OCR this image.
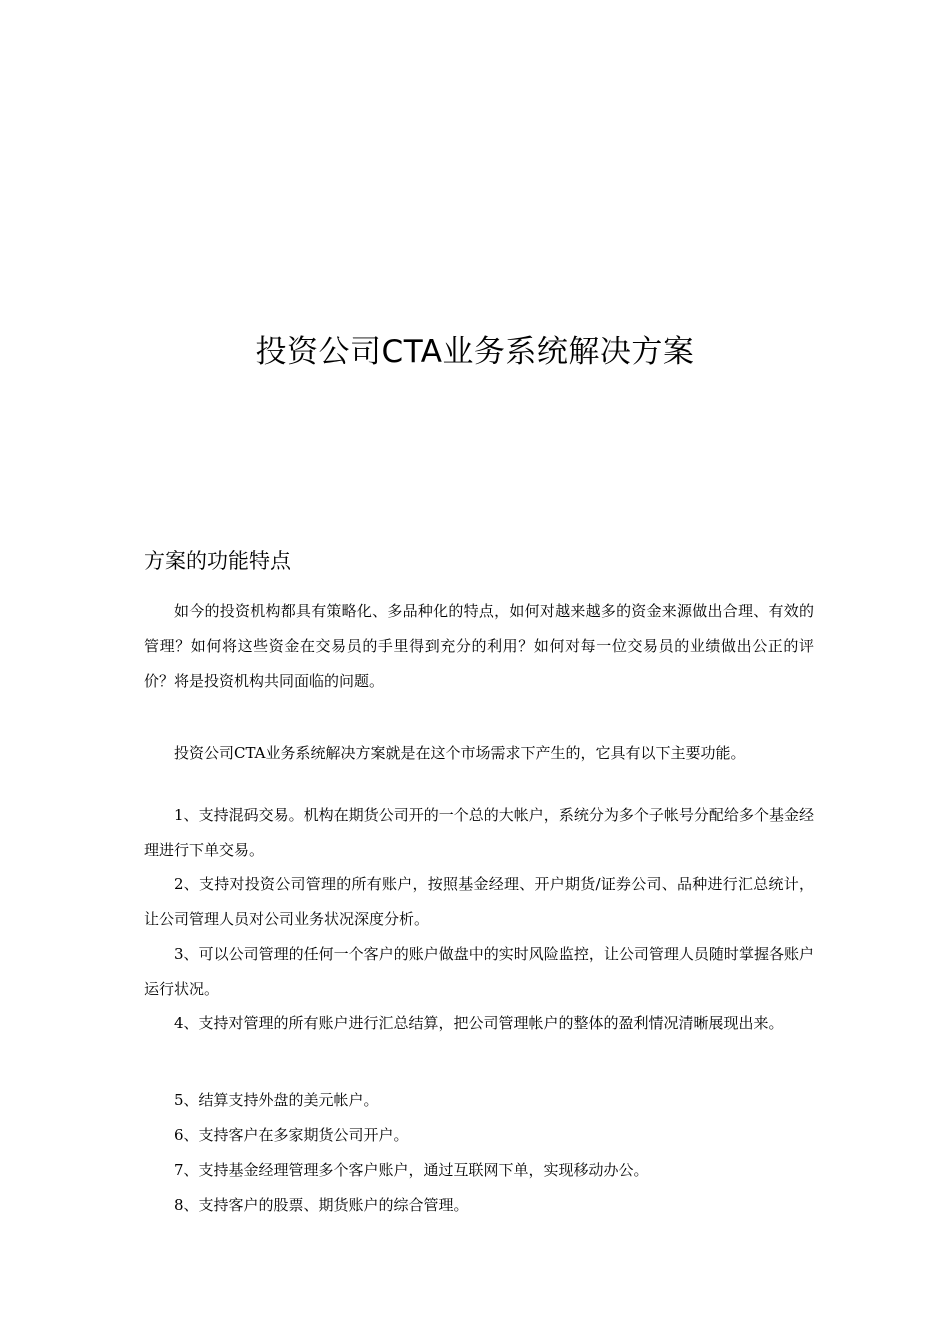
投资公司CTA业务系统解决方案
方案的功能特点

如今的投资机构都具有策略化、多品种化的特点，如何对越来越多的资金来源做出合理、有效的管理？如何将这些资金在交易员的手里得到充分的利用？如何对每一位交易员的业绩做出公正的评价？将是投资机构共同面临的问题。

投资公司CTA业务系统解决方案就是在这个市场需求下产生的，它具有以下主要功能。

1、支持混码交易。机构在期货公司开的一个总的大帐户，系统分为多个子帐号分配给多个基金经理进行下单交易。

2、支持对投资公司管理的所有账户，按照基金经理、开户期货/证券公司、品种进行汇总统计，让公司管理人员对公司业务状况深度分析。

3、可以公司管理的任何一个客户的账户做盘中的实时风险监控，让公司管理人员随时掌握各账户运行状况。

4、支持对管理的所有账户进行汇总结算，把公司管理帐户的整体的盈利情况清晰展现出来。

5、结算支持外盘的美元帐户。

6、支持客户在多家期货公司开户。

7、支持基金经理管理多个客户账户，通过互联网下单，实现移动办公。

8、支持客户的股票、期货账户的综合管理。
